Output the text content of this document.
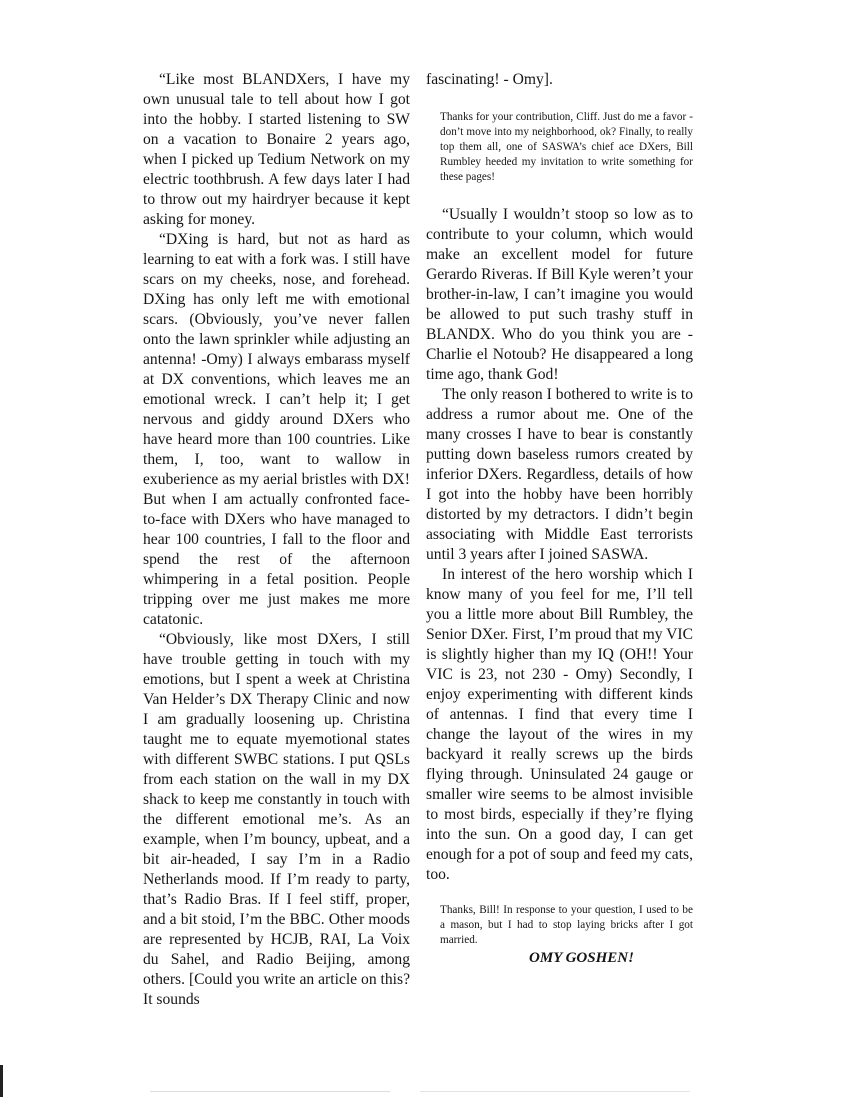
“Like most BLANDXers, I have my own unusual tale to tell about how I got into the hobby. I started listening to SW on a vacation to Bonaire 2 years ago, when I picked up Tedium Network on my electric toothbrush. A few days later I had to throw out my hairdryer because it kept asking for money.

“DXing is hard, but not as hard as learning to eat with a fork was. I still have scars on my cheeks, nose, and forehead. DXing has only left me with emotional scars. (Obviously, you’ve never fallen onto the lawn sprinkler while adjusting an antenna! -Omy) I always embarass myself at DX conventions, which leaves me an emotional wreck. I can’t help it; I get nervous and giddy around DXers who have heard more than 100 countries. Like them, I, too, want to wallow in exuberience as my aerial bristles with DX! But when I am actually confronted face-to-face with DXers who have managed to hear 100 countries, I fall to the floor and spend the rest of the afternoon whimpering in a fetal position. People tripping over me just makes me more catatonic.

“Obviously, like most DXers, I still have trouble getting in touch with my emotions, but I spent a week at Christina Van Helder’s DX Therapy Clinic and now I am gradually loosening up. Christina taught me to equate myemotional states with different SWBC stations. I put QSLs from each station on the wall in my DX shack to keep me constantly in touch with the different emotional me’s. As an example, when I’m bouncy, upbeat, and a bit air-headed, I say I’m in a Radio Netherlands mood. If I’m ready to party, that’s Radio Bras. If I feel stiff, proper, and a bit stoid, I’m the BBC. Other moods are represented by HCJB, RAI, La Voix du Sahel, and Radio Beijing, among others. [Could you write an article on this? It sounds

fascinating! - Omy].

Thanks for your contribution, Cliff. Just do me a favor - don’t move into my neighborhood, ok? Finally, to really top them all, one of SASWA’s chief ace DXers, Bill Rumbley heeded my invitation to write something for these pages!

“Usually I wouldn’t stoop so low as to contribute to your column, which would make an excellent model for future Gerardo Riveras. If Bill Kyle weren’t your brother-in-law, I can’t imagine you would be allowed to put such trashy stuff in BLANDX. Who do you think you are - Charlie el Notoub? He disappeared a long time ago, thank God!

The only reason I bothered to write is to address a rumor about me. One of the many crosses I have to bear is constantly putting down baseless rumors created by inferior DXers. Regardless, details of how I got into the hobby have been horribly distorted by my detractors. I didn’t begin associating with Middle East terrorists until 3 years after I joined SASWA.

In interest of the hero worship which I know many of you feel for me, I’ll tell you a little more about Bill Rumbley, the Senior DXer. First, I’m proud that my VIC is slightly higher than my IQ (OH!! Your VIC is 23, not 230 - Omy) Secondly, I enjoy experimenting with different kinds of antennas. I find that every time I change the layout of the wires in my backyard it really screws up the birds flying through. Uninsulated 24 gauge or smaller wire seems to be almost invisible to most birds, especially if they’re flying into the sun. On a good day, I can get enough for a pot of soup and feed my cats, too.

Thanks, Bill! In response to your question, I used to be a mason, but I had to stop laying bricks after I got married.

OMY GOSHEN!
